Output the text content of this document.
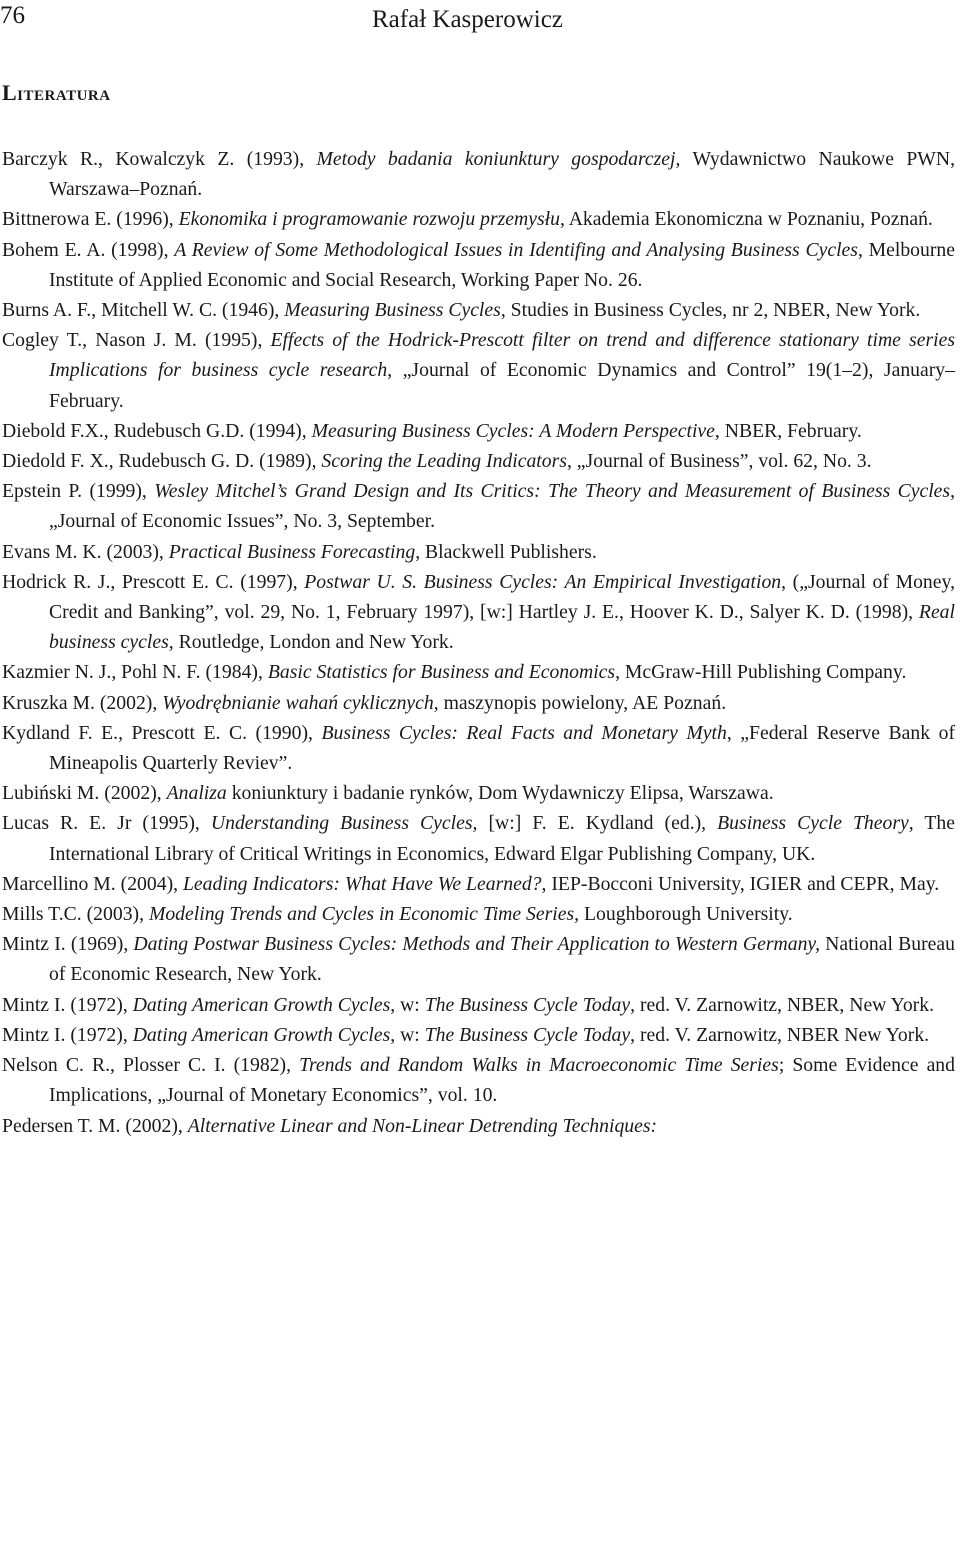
76	Rafał Kasperowicz
Literatura
Barczyk R., Kowalczyk Z. (1993), Metody badania koniunktury gospodarczej, Wydawnictwo Naukowe PWN, Warszawa–Poznań.
Bittnerowa E. (1996), Ekonomika i programowanie rozwoju przemysłu, Akademia Ekonomiczna w Poznaniu, Poznań.
Bohem E. A. (1998), A Review of Some Methodological Issues in Identifing and Analysing Business Cycles, Melbourne Institute of Applied Economic and Social Research, Working Paper No. 26.
Burns A. F., Mitchell W. C. (1946), Measuring Business Cycles, Studies in Business Cycles, nr 2, NBER, New York.
Cogley T., Nason J. M. (1995), Effects of the Hodrick-Prescott filter on trend and difference stationary time series Implications for business cycle research, „Journal of Economic Dynamics and Control” 19(1–2), January–February.
Diebold F.X., Rudebusch G.D. (1994), Measuring Business Cycles: A Modern Perspective, NBER, February.
Diedold F. X., Rudebusch G. D. (1989), Scoring the Leading Indicators, „Journal of Business”, vol. 62, No. 3.
Epstein P. (1999), Wesley Mitchel’s Grand Design and Its Critics: The Theory and Measurement of Business Cycles, „Journal of Economic Issues”, No. 3, September.
Evans M. K. (2003), Practical Business Forecasting, Blackwell Publishers.
Hodrick R. J., Prescott E. C. (1997), Postwar U. S. Business Cycles: An Empirical Investigation, („Journal of Money, Credit and Banking”, vol. 29, No. 1, February 1997), [w:] Hartley J. E., Hoover K. D., Salyer K. D. (1998), Real business cycles, Routledge, London and New York.
Kazmier N. J., Pohl N. F. (1984), Basic Statistics for Business and Economics, McGraw-Hill Publishing Company.
Kruszka M. (2002), Wyodrębnianie wahań cyklicznych, maszynopis powielony, AE Poznań.
Kydland F. E., Prescott E. C. (1990), Business Cycles: Real Facts and Monetary Myth, „Federal Reserve Bank of Mineapolis Quarterly Reviev”.
Lubiński M. (2002), Analiza koniunktury i badanie rynków, Dom Wydawniczy Elipsa, Warszawa.
Lucas R. E. Jr (1995), Understanding Business Cycles, [w:] F. E. Kydland (ed.), Business Cycle Theory, The International Library of Critical Writings in Economics, Edward Elgar Publishing Company, UK.
Marcellino M. (2004), Leading Indicators: What Have We Learned?, IEP-Bocconi University, IGIER and CEPR, May.
Mills T.C. (2003), Modeling Trends and Cycles in Economic Time Series, Loughborough University.
Mintz I. (1969), Dating Postwar Business Cycles: Methods and Their Application to Western Germany, National Bureau of Economic Research, New York.
Mintz I. (1972), Dating American Growth Cycles, w: The Business Cycle Today, red. V. Zarnowitz, NBER, New York.
Mintz I. (1972), Dating American Growth Cycles, w: The Business Cycle Today, red. V. Zarnowitz, NBER New York.
Nelson C. R., Plosser C. I. (1982), Trends and Random Walks in Macroeconomic Time Series; Some Evidence and Implications, „Journal of Monetary Economics”, vol. 10.
Pedersen T. M. (2002), Alternative Linear and Non-Linear Detrending Techniques:
